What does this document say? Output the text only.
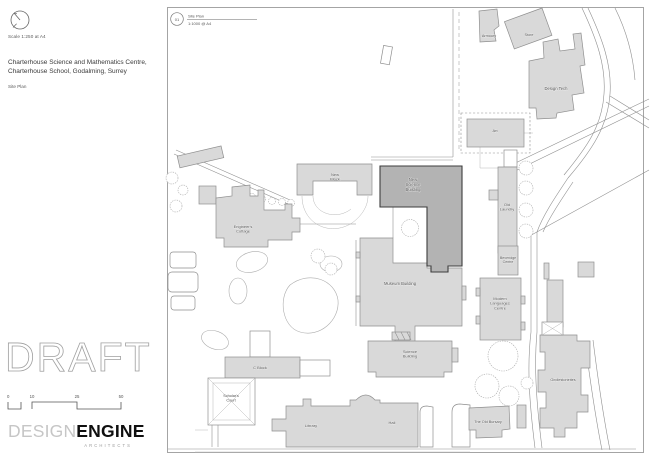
Scale 1:250 at A4
Charterhouse Science and Mathematics Centre,
Charterhouse School, Godalming, Surrey
Site Plan
DRAFT
0	10	25	50
DESIGNENGINE
ARCHITECTS
01
Site Plan
1:1000 @ A4
Armoury	Store
Design Tech
Art
New Block	New Science Building
Old Laundry
Engineer's Cottage
Museum Building
Beveridge Centre
Modern Languages Centre
Science Building
C Block
Scholar's Court
Library
Hall	The Old Bursary
Girdlestoneites
